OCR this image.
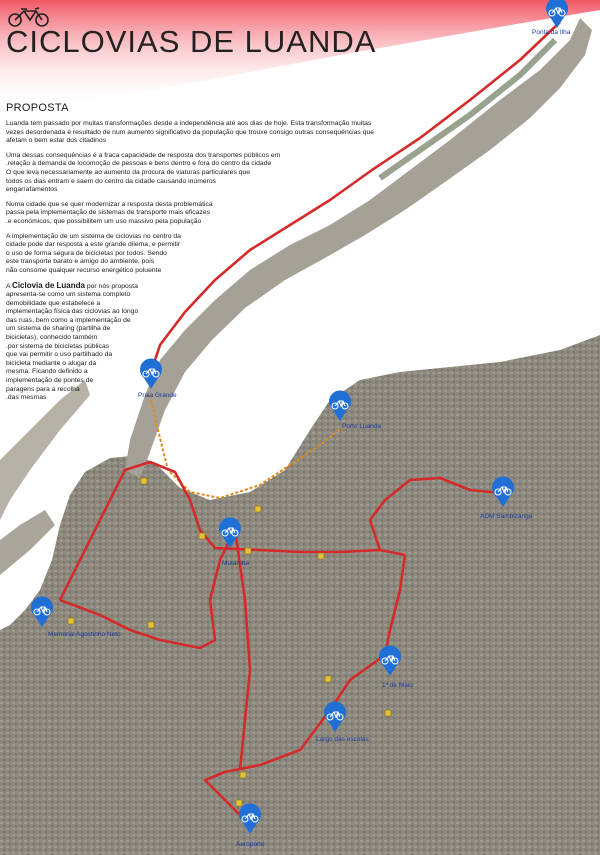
Ponta da Ilha
Praia Grande
Porto Luanda
ADM Sambizanga
Mutamba
Memorial Agostinho Neto
1º de Maio
Largo das escolas
Aeroporto
CICLOVIAS DE LUANDA
PROPOSTA

Luanda tem passado por muitas transformações desde a independência até aos dias de hoje. Esta transformação muitas vezes desordenada é resultado de num aumento significativo da população que trouxe consigo outras consequências que afetam o bem estar dos citadinos

Uma dessas consequências é a fraca capacidade de resposta dos transportes públicos em
.relação à demanda de locomoção de pessoas e bens dentro e fora do centro da cidade
O que leva necessariamente ao aumento da procura de viaturas particulares que
todos os dias entram e saem do centro da cidade causando inúmeros
engarrafamentos

Numa cidade que se quer modernizar a resposta desta problemática
passa pela implementação de sistemas de transporte mais eficazes
.e económicos, que possibilitem um uso massivo pela população

A implementação de um sistema de ciclovias no centro da
cidade pode dar resposta a este grande dilema, e permitir
o uso de forma segura de bicicletas por todos. Sendo
este transporte barato e amigo do ambiente, pois
não consome qualquer recurso energético poluente

A Ciclovia de Luanda por nós proposta
apresenta-se como um sistema completo
demobilidade que estabelece a
implementação física das ciclovias ao longo
das ruas, bem como a implementação de
um sistema de sharing (partilha de
bicicletas), conhecido também
.por sistema de bicicletas públicas
que vai permitir o uso partilhado da
bicicleta mediante o alugar da
mesma. Ficando definido a
implementação de pontes de
paragens para a recolha
.das mesmas
